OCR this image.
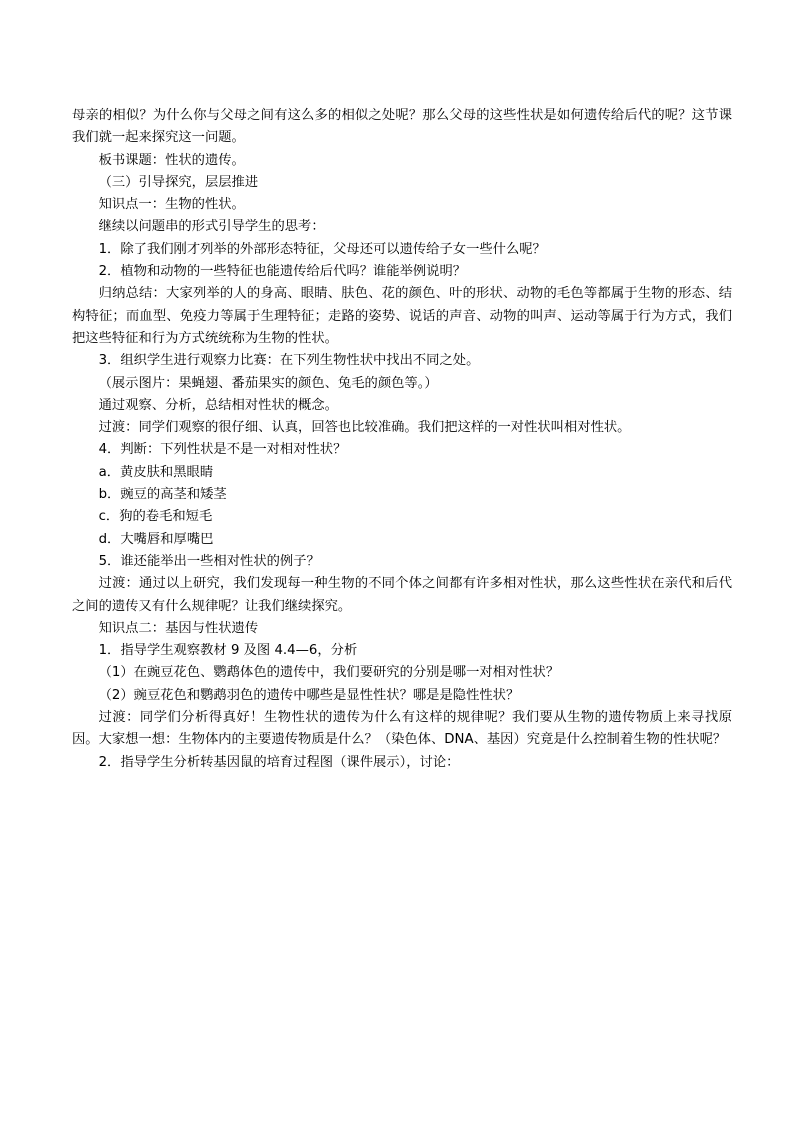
母亲的相似？为什么你与父母之间有这么多的相似之处呢？那么父母的这些性状是如何遗传给后代的呢？这节课我们就一起来探究这一问题。

板书课题：性状的遗传。

（三）引导探究，层层推进

知识点一：生物的性状。

继续以问题串的形式引导学生的思考：

1．除了我们刚才列举的外部形态特征，父母还可以遗传给子女一些什么呢？

2．植物和动物的一些特征也能遗传给后代吗？谁能举例说明？

归纳总结：大家列举的人的身高、眼睛、肤色、花的颜色、叶的形状、动物的毛色等都属于生物的形态、结构特征；而血型、免疫力等属于生理特征；走路的姿势、说话的声音、动物的叫声、运动等属于行为方式，我们把这些特征和行为方式统统称为生物的性状。

3．组织学生进行观察力比赛：在下列生物性状中找出不同之处。

（展示图片：果蝇翅、番茄果实的颜色、兔毛的颜色等。）

通过观察、分析，总结相对性状的概念。

过渡：同学们观察的很仔细、认真，回答也比较准确。我们把这样的一对性状叫相对性状。

4．判断：下列性状是不是一对相对性状？

a．黄皮肤和黑眼睛

b．豌豆的高茎和矮茎

c．狗的卷毛和短毛

d．大嘴唇和厚嘴巴

5．谁还能举出一些相对性状的例子？

过渡：通过以上研究，我们发现每一种生物的不同个体之间都有许多相对性状，那么这些性状在亲代和后代之间的遗传又有什么规律呢？让我们继续探究。

知识点二：基因与性状遗传

1．指导学生观察教材 9 及图 4.4—6，分析

（1）在豌豆花色、鹦鹉体色的遗传中，我们要研究的分别是哪一对相对性状？

（2）豌豆花色和鹦鹉羽色的遗传中哪些是显性性状？哪是是隐性性状？

过渡：同学们分析得真好！生物性状的遗传为什么有这样的规律呢？我们要从生物的遗传物质上来寻找原因。大家想一想：生物体内的主要遗传物质是什么？（染色体、DNA、基因）究竟是什么控制着生物的性状呢？

2．指导学生分析转基因鼠的培育过程图（课件展示），讨论：
